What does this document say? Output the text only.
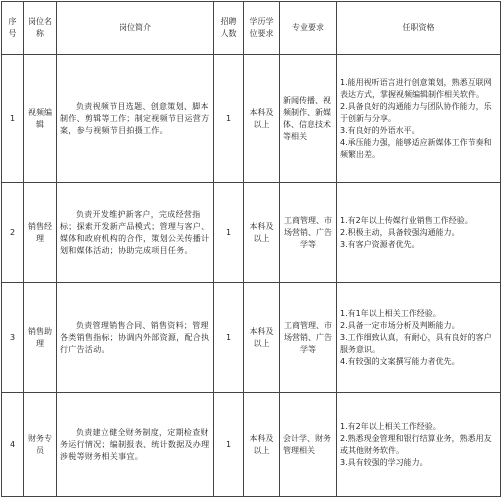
序号	岗位名称	岗位简介	招聘人数	学历学位要求	专业要求	任职资格
1	视频编辑	负责视频节目选题、创意策划、脚本制作、剪辑等工作；制定视频节目运营方案，参与视频节目拍摄工作。	1	本科及以上	新闻传播、视频制作、新媒体、信息技术等相关	1.能用视听语言进行创意策划，熟悉互联网表达方式，掌握视频编辑制作相关软件。
2.具备良好的沟通能力与团队协作能力，乐于创新与分享。
3.有良好的外语水平。
4.承压能力强，能够适应新媒体工作节奏和频繁出差。

2	销售经理	负责开发维护新客户，完成经营指标；探索开发新产品模式；管理与客户、媒体和政府机构的合作，策划公关传播计划和媒体活动；协助完成项目任务。	1	本科及以上	工商管理、市场营销、广告学等	1.有2年以上传媒行业销售工作经验。
2.积极主动，具备较强沟通能力。
3.有客户资源者优先。

3	销售助理	负责管理销售合同、销售资料；管理各类销售指标；协调内外部资源，配合执行广告活动。	1	本科及以上	工商管理、市场营销、广告学等	1.有1年以上相关工作经验。
2.具备一定市场分析及判断能力。
3.工作细致认真，有耐心，具有良好的客户服务意识。
4.有较强的文案撰写能力者优先。

4	财务专员	负责建立健全财务制度，定期检查财务运行情况；编制报表、统计数据及办理涉税等财务相关事宜。	1	本科及以上	会计学、财务管理相关	1.有2年以上相关工作经验。
2.熟悉现金管理和银行结算业务，熟悉用友或其他财务软件。
3.具有较强的学习能力。
